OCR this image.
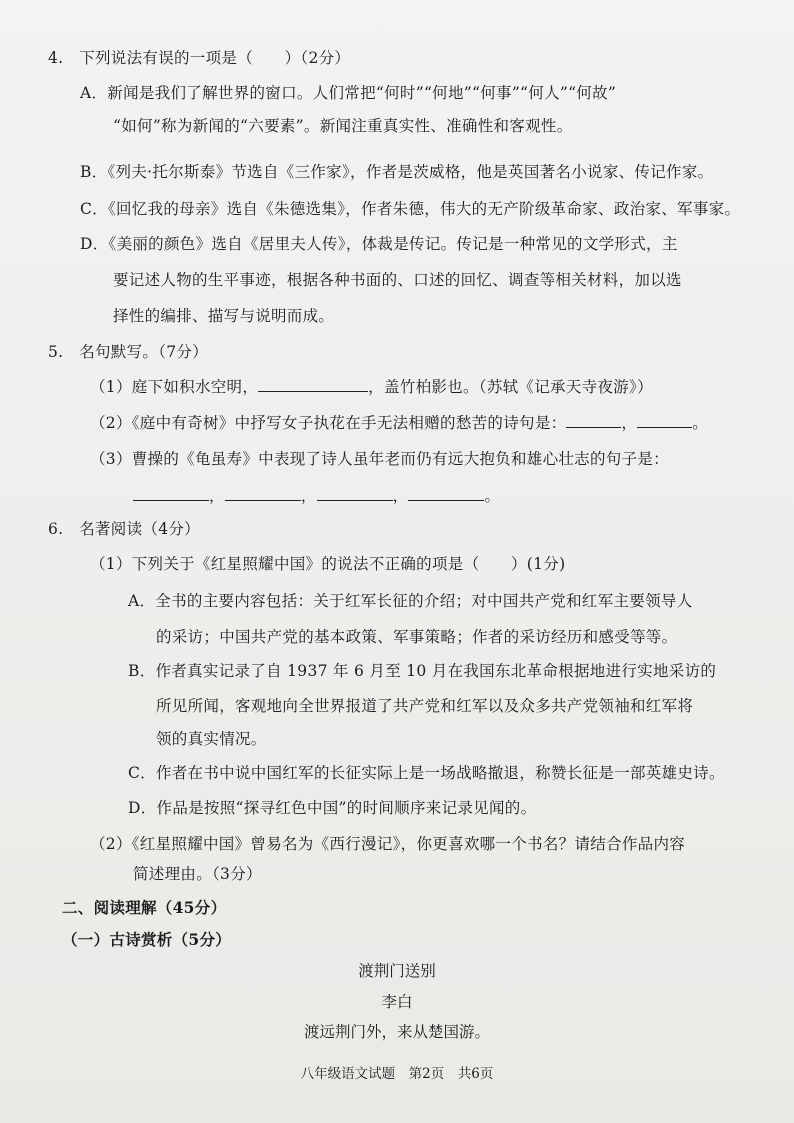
4.　下列说法有误的一项是（　　）（2分）
A．新闻是我们了解世界的窗口。人们常把“何时”“何地”“何事”“何人”“何故”
“如何”称为新闻的“六要素”。新闻注重真实性、准确性和客观性。
B．《列夫·托尔斯泰》节选自《三作家》，作者是茨威格，他是英国著名小说家、传记作家。
C．《回忆我的母亲》选自《朱德选集》，作者朱德，伟大的无产阶级革命家、政治家、军事家。
D．《美丽的颜色》选自《居里夫人传》，体裁是传记。传记是一种常见的文学形式，主
要记述人物的生平事迹，根据各种书面的、口述的回忆、调查等相关材料，加以选
择性的编排、描写与说明而成。
5.　名句默写。（7分）
（1）庭下如积水空明，	，盖竹柏影也。（苏轼《记承天寺夜游》）
（2）《庭中有奇树》中抒写女子执花在手无法相赠的愁苦的诗句是：	，	。
（3）曹操的《龟虽寿》中表现了诗人虽年老而仍有远大抱负和雄心壮志的句子是：
，	，	，	。
6.　名著阅读（4分）
（1）下列关于《红星照耀中国》的说法不正确的项是（　　）(1分)
A．全书的主要内容包括：关于红军长征的介绍；对中国共产党和红军主要领导人
的采访；中国共产党的基本政策、军事策略；作者的采访经历和感受等等。
B．作者真实记录了自 1937 年 6 月至 10 月在我国东北革命根据地进行实地采访的
所见所闻，客观地向全世界报道了共产党和红军以及众多共产党领袖和红军将
领的真实情况。
C．作者在书中说中国红军的长征实际上是一场战略撤退，称赞长征是一部英雄史诗。
D．作品是按照“探寻红色中国”的时间顺序来记录见闻的。
（2）《红星照耀中国》曾易名为《西行漫记》，你更喜欢哪一个书名？请结合作品内容
简述理由。（3分）
二、阅读理解（45分）
（一）古诗赏析（5分）
渡荆门送别
李白
渡远荆门外，来从楚国游。
八年级语文试题　第2页　共6页
